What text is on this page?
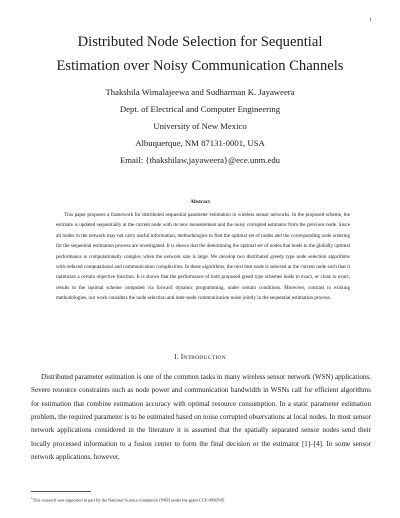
1
Distributed Node Selection for Sequential
Estimation over Noisy Communication Channels
Thakshila Wimalajeewa and Sudharman K. Jayaweera
Dept. of Electrical and Computer Engineering
University of New Mexico
Albuquerque, NM 87131-0001, USA
Email: {thakshilaw,jayaweera}@ece.unm.edu
Abstract
This paper proposes a framework for distributed sequential parameter estimation in wireless sensor networks. In the proposed scheme, the estimate is updated sequentially at the current node with its new measurement and the noisy corrupted estimator from the previous node. Since all nodes in the network may not carry useful information, methodologies to find the optimal set of nodes and the corresponding node ordering for the sequential estimation process are investigated. It is shown that the determining the optimal set of nodes that leads to the globally optimal performance is computationally complex when the network size is large. We develop two distributed greedy type node selection algorithms with reduced computational and communication complexities. In these algorithms, the next best node is selected at the current node such that it optimizes a certain objective function. It is shown that the performance of both proposed greed type schemes leads to exact, or close to exact, results to the optimal scheme computed via forward dynamic programming, under certain conditions. Moreover, contrast to existing methodologies, our work considers the node selection and inter-node communication noise jointly in the sequential estimation process.
I. INTRODUCTION
Distributed parameter estimation is one of the common tasks in many wireless sensor network (WSN) applications. Severe resource constraints such as node power and communication bandwidth in WSNs call for efficient algorithms for estimation that combine estimation accuracy with optimal resource consumption. In a static parameter estimation problem, the required parameter is to be estimated based on noise corrupted observations at local nodes. In most sensor network applications considered in the literature it is assumed that the spatially separated sensor nodes send their locally processed information to a fusion center to form the final decision or the estimator [1]–[4]. In some sensor network applications, however,
$^1$This research was supported in part by the National Science foundation (NSF) under the grant CCF-0830545.
